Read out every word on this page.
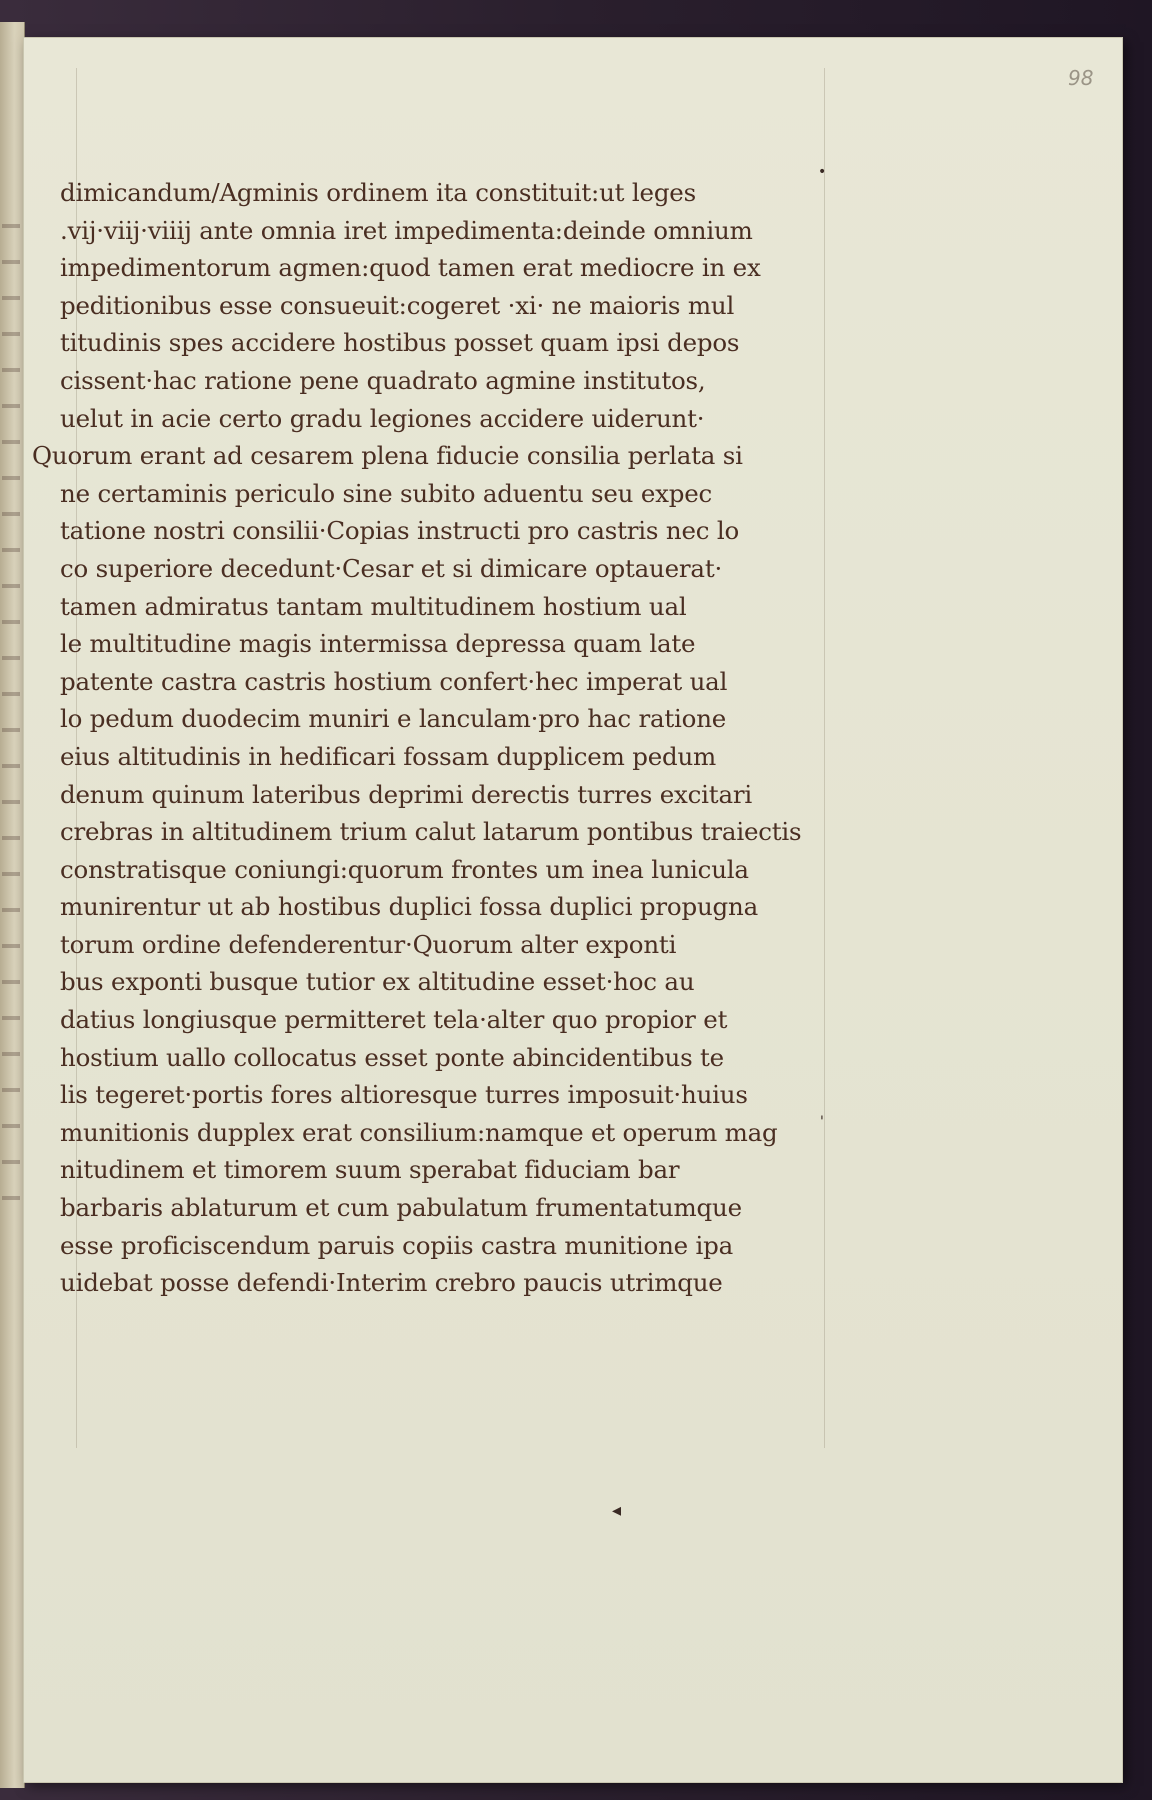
98
•
'
◂
dimicandum/Agminis ordinem ita constituit:ut leges
.vij·viij·viiij ante omnia iret impedimenta:deinde omnium
impedimentorum agmen:quod tamen erat mediocre in ex
peditionibus esse consueuit:cogeret ·xi· ne maioris mul
titudinis spes accidere hostibus posset quam ipsi depos
cissent·hac ratione pene quadrato agmine institutos,
uelut in acie certo gradu legiones accidere uiderunt·
Quorum erant ad cesarem plena fiducie consilia perlata si
ne certaminis periculo sine subito aduentu seu expec
tatione nostri consilii·Copias instructi pro castris nec lo
co superiore decedunt·Cesar et si dimicare optauerat·
tamen admiratus tantam multitudinem hostium ual
le multitudine magis intermissa depressa quam late
patente castra castris hostium confert·hec imperat ual
lo pedum duodecim muniri e lanculam·pro hac ratione
eius altitudinis in hedificari fossam dupplicem pedum
denum quinum lateribus deprimi derectis turres excitari
crebras in altitudinem trium calut latarum pontibus traiectis
constratisque coniungi:quorum frontes um inea lunicula
munirentur ut ab hostibus duplici fossa duplici propugna
torum ordine defenderentur·Quorum alter exponti
bus exponti busque tutior ex altitudine esset·hoc au
datius longiusque permitteret tela·alter quo propior et
hostium uallo collocatus esset ponte abincidentibus te
lis tegeret·portis fores altioresque turres imposuit·huius
munitionis dupplex erat consilium:namque et operum mag
nitudinem et timorem suum sperabat fiduciam bar
barbaris ablaturum et cum pabulatum frumentatumque
esse proficiscendum paruis copiis castra munitione ipa
uidebat posse defendi·Interim crebro paucis utrimque
